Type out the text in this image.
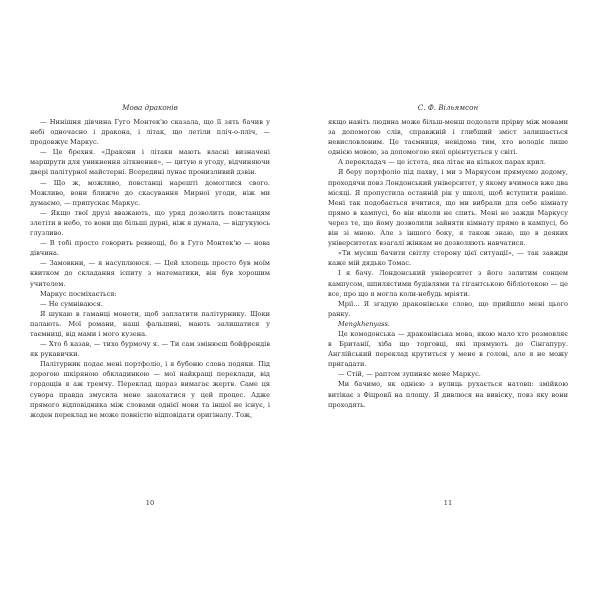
Мова драконів

— Нинішня дівчина Гуго Монтек'ю сказала, що її зять бачив у небі одночасно і дракона, і літак, що летіли пліч-о-пліч, — продовжує Маркус.

— Це брехня. «Дракони і літаки мають власні визначені маршрути для уникнення зіткнення», — цитую я угоду, відчиняючи двері палітурної майстерні. Всередині лунає пронизливий дзвін.

— Що ж, можливо, повстанці нарешті домоглися свого. Можливо, вони ближче до скасування Мирної угоди, ніж ми думаємо, — припускає Маркус.

— Якщо твої друзі вважають, що уряд дозволить повстанцям злетіти в небо, то вони ще більші дурні, ніж я думала, — відгукуюсь глузливо.

— В тобі просто говорить ревнощі, бо в Гуго Монтек'ю — нова дівчина.

— Замовкни, — я насуплююся. — Цей хлопець просто був моїм квитком до складання іспиту з математики, він був хорошим учителем.

Маркус посміхається:

— Не сумніваюся.

Я шукаю в гаманці монети, щоб заплатити палітурнику. Щоки палають. Мої романи, наші фальшиві, мають залишатися у таємниці, від мами і мого кузена.

— Хто б казав, — тихо бурмочу я. — Ти сам змінюєш бойфрендів як рукавички.

Палітурник подає мені портфоліо, і я бубоню слова подяки. Під дорогою шкіряною обкладинкою — мої найкращі переклади, від гордощів я аж тремчу. Переклад щораз вимагає жертв. Саме ця сувора правда змусила мене закохатися у цей процес. Адже прямого відповідника між словами однієї мови та іншої не існує, і жоден переклад не може повністю відповідати оригіналу. Тож,

10
С. Ф. Вільямсон

якщо навіть людина може більш-менш подолати прірву між мовами за допомогою слів, справжній і глибший зміст залишається невисловленим. Це таємниця, невідома тим, хто володіє лише однією мовою, за допомогою якої орієнтується у світі.

А перекладач — це істота, яка літає на кількох парах крил.

Я беру портфоліо під пахву, і ми з Маркусом прямуємо додому, проходячи повз Лондонський університет, у якому вчимося вже два місяці. Я пропустила останній рік у школі, щоб вступити раніше. Мені так подобається вчитися, що ми вибрали для себе кімнату прямо в кампусі, бо він ніколи не спить. Мені не зажди Маркусу через те, що йому дозволили зайняти кімнату прямо в кампусі, бо він зі мною. Але з іншого боку, я також знаю, що в деяких університетах взагалі жінкам не дозволяють навчатися.

«Ти мусиш бачити світлу сторону цієї ситуації», — так завжди каже мій дядько Томас.

І я бачу. Лондонський університет з його залитим сонцем кампусом, шпилястими будівлями та гігантською бібліотекою — це все, про що я могла коли-небудь мріяти.

Мрії... Я згадую драконівське слово, що прийшло мені цього ранку.

Mengkhenyass.

Це комодонська — драконівська мова, якою мало хто розмовляє в Британії, хіба що торговці, які прямують до Сінгапуру. Англійський переклад крутиться у мене в голові, але я не можу пригадати.

— Стій, — раптом зупиняє мене Маркус.

Ми бачимо, як однією з вулиць рухається натовп: змійкою витікає з Фіцровії на площу. Я дивлюся на вивіску, повз яку вони проходять.

11
